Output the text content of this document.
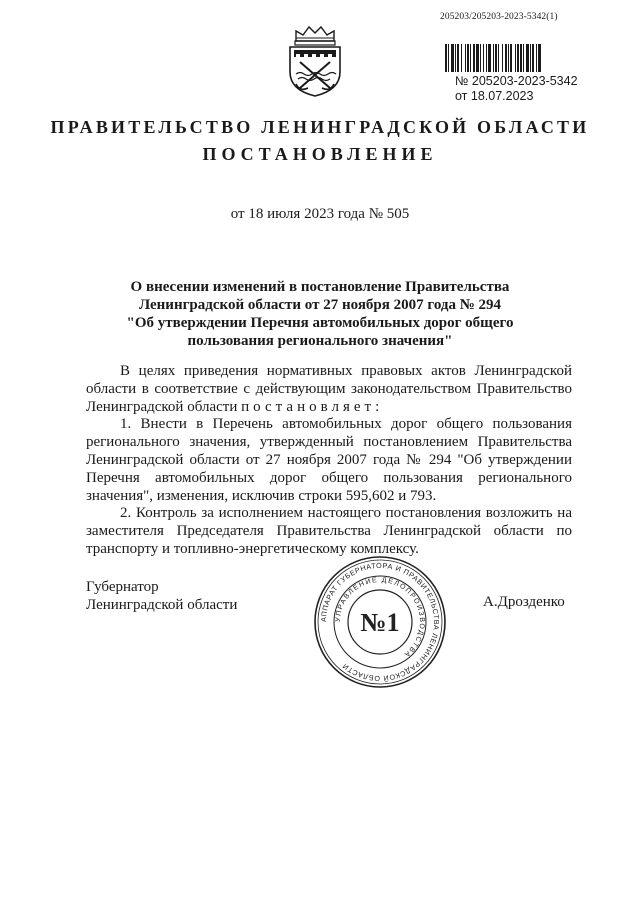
205203/205203-2023-5342(1)
№ 205203-2023-5342
от 18.07.2023
ПРАВИТЕЛЬСТВО ЛЕНИНГРАДСКОЙ ОБЛАСТИ
ПОСТАНОВЛЕНИЕ
от 18 июля 2023 года № 505
О внесении изменений в постановление Правительства
Ленинградской области от 27 ноября 2007 года № 294
"Об утверждении Перечня автомобильных дорог общего
пользования регионального значения"

В целях приведения нормативных правовых актов Ленинградской области в соответствие с действующим законодательством Правительство Ленинградской области постановляет:

1. Внести в Перечень автомобильных дорог общего пользования регионального значения, утвержденный постановлением Правительства Ленинградской области от 27 ноября 2007 года № 294 "Об утверждении Перечня автомобильных дорог общего пользования регионального значения", изменения, исключив строки 595,602 и 793.

2. Контроль за исполнением настоящего постановления возложить на заместителя Председателя Правительства Ленинградской области по транспорту и топливно-энергетическому комплексу.

Губернатор
Ленинградской области	А.Дрозденко
АППАРАТ ГУБЕРНАТОРА И ПРАВИТЕЛЬСТВА ЛЕНИНГРАДСКОЙ ОБЛАСТИ
УПРАВЛЕНИЕ ДЕЛОПРОИЗВОДСТВА
№1
